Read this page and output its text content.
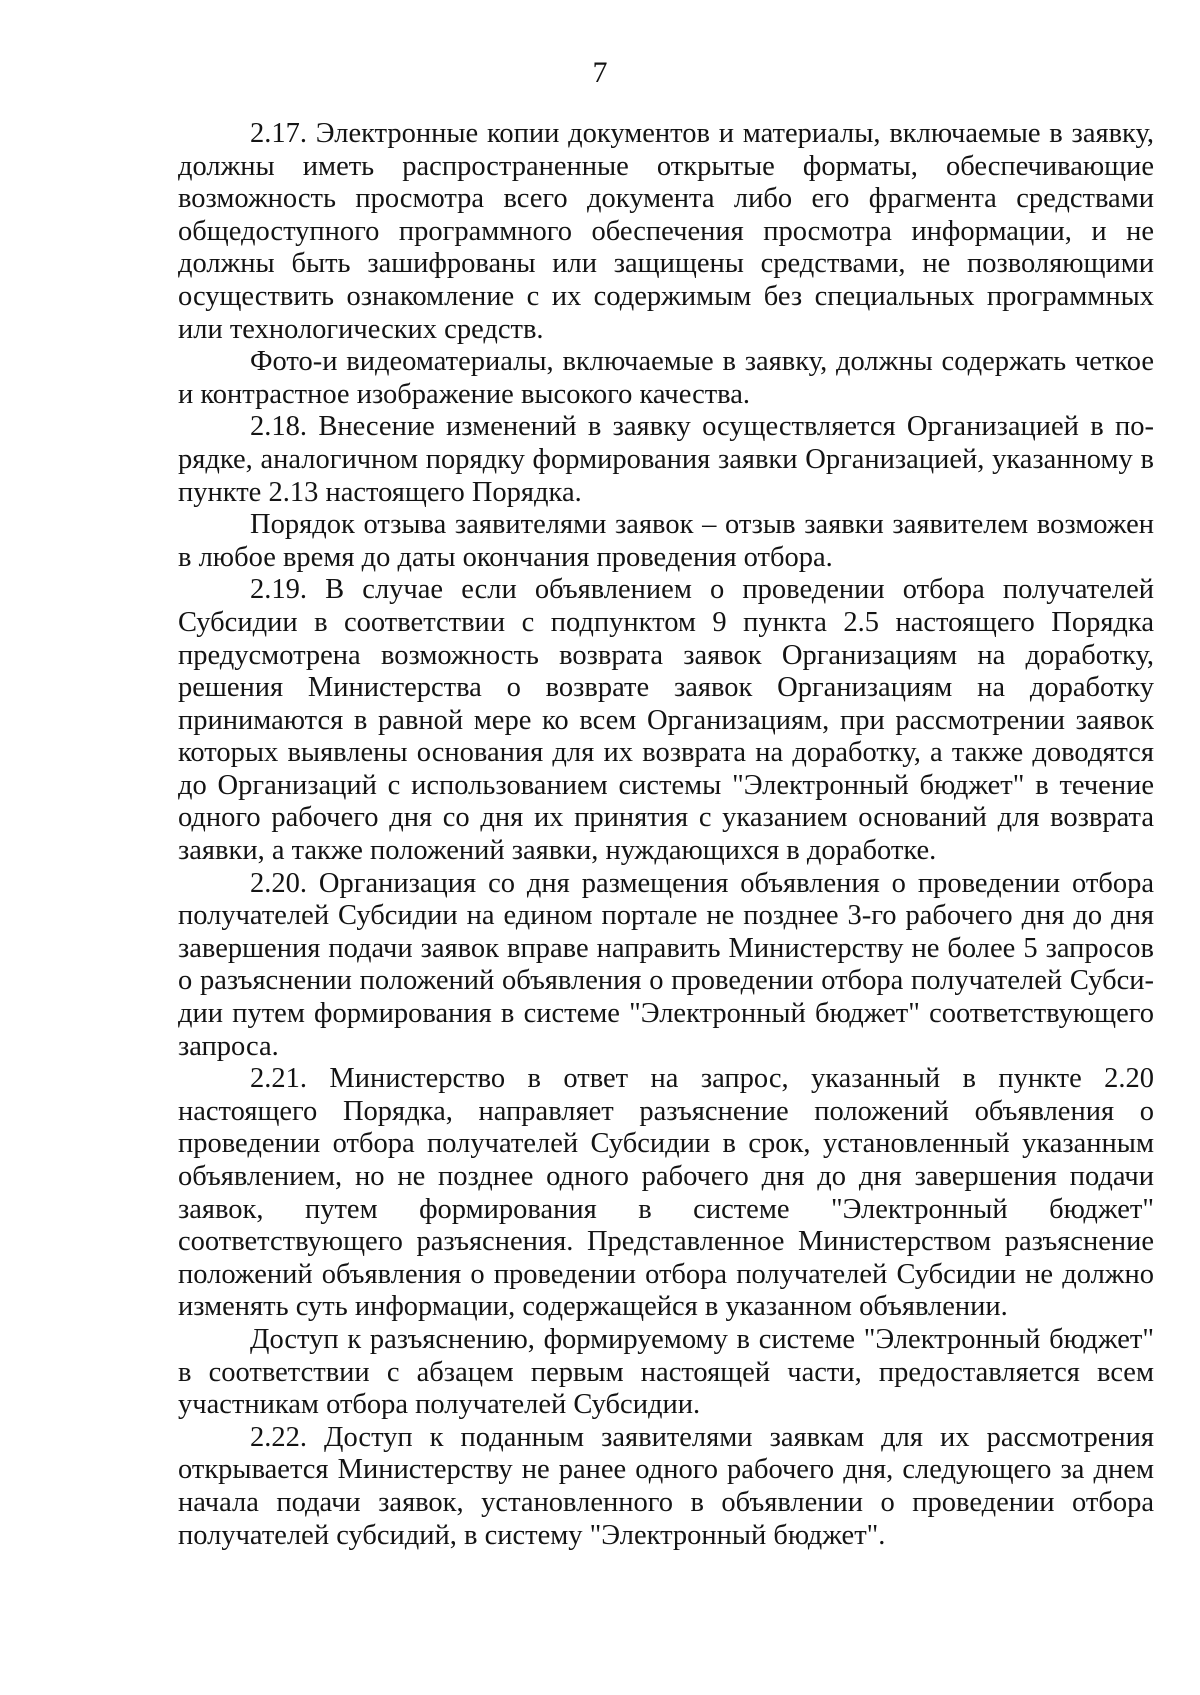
7

2.17. Электронные копии документов и материалы, включаемые в заявку, должны иметь распространенные открытые форматы, обеспечивающие возможность просмотра всего документа либо его фрагмента средствами общедоступного программного обеспечения просмотра информации, и не должны быть зашифрованы или защищены средствами, не позволяющими осуществить ознакомление с их содержимым без специальных программных или технологических средств.

Фото-и видеоматериалы, включаемые в заявку, должны содержать четкое и контрастное изображение высокого качества.

2.18. Внесение изменений в заявку осуществляется Организацией в порядке, аналогичном порядку формирования заявки Организацией, указанному в пункте 2.13 настоящего Порядка.

Порядок отзыва заявителями заявок – отзыв заявки заявителем возможен в любое время до даты окончания проведения отбора.

2.19. В случае если объявлением о проведении отбора получателей Субсидии в соответствии с подпунктом 9 пункта 2.5 настоящего Порядка предусмотрена возможность возврата заявок Организациям на доработку, решения Министерства о возврате заявок Организациям на доработку принимаются в равной мере ко всем Организациям, при рассмотрении заявок которых выявлены основания для их возврата на доработку, а также доводятся до Организаций с использованием системы "Электронный бюджет" в течение одного рабочего дня со дня их принятия с указанием оснований для возврата заявки, а также положений заявки, нуждающихся в доработке.

2.20. Организация со дня размещения объявления о проведении отбора получателей Субсидии на едином портале не позднее 3-го рабочего дня до дня завершения подачи заявок вправе направить Министерству не более 5 запросов о разъяснении положений объявления о проведении отбора получателей Субсидии путем формирования в системе "Электронный бюджет" соответствующего запроса.

2.21. Министерство в ответ на запрос, указанный в пункте 2.20 настоящего Порядка, направляет разъяснение положений объявления о проведении отбора получателей Субсидии в срок, установленный указанным объявлением, но не позднее одного рабочего дня до дня завершения подачи заявок, путем формирования в системе "Электронный бюджет" соответствующего разъяснения. Представленное Министерством разъяснение положений объявления о проведении отбора получателей Субсидии не должно изменять суть информации, содержащейся в указанном объявлении.

Доступ к разъяснению, формируемому в системе "Электронный бюджет" в соответствии с абзацем первым настоящей части, предоставляется всем участникам отбора получателей Субсидии.

2.22. Доступ к поданным заявителями заявкам для их рассмотрения открывается Министерству не ранее одного рабочего дня, следующего за днем начала подачи заявок, установленного в объявлении о проведении отбора получателей субсидий, в систему "Электронный бюджет".
